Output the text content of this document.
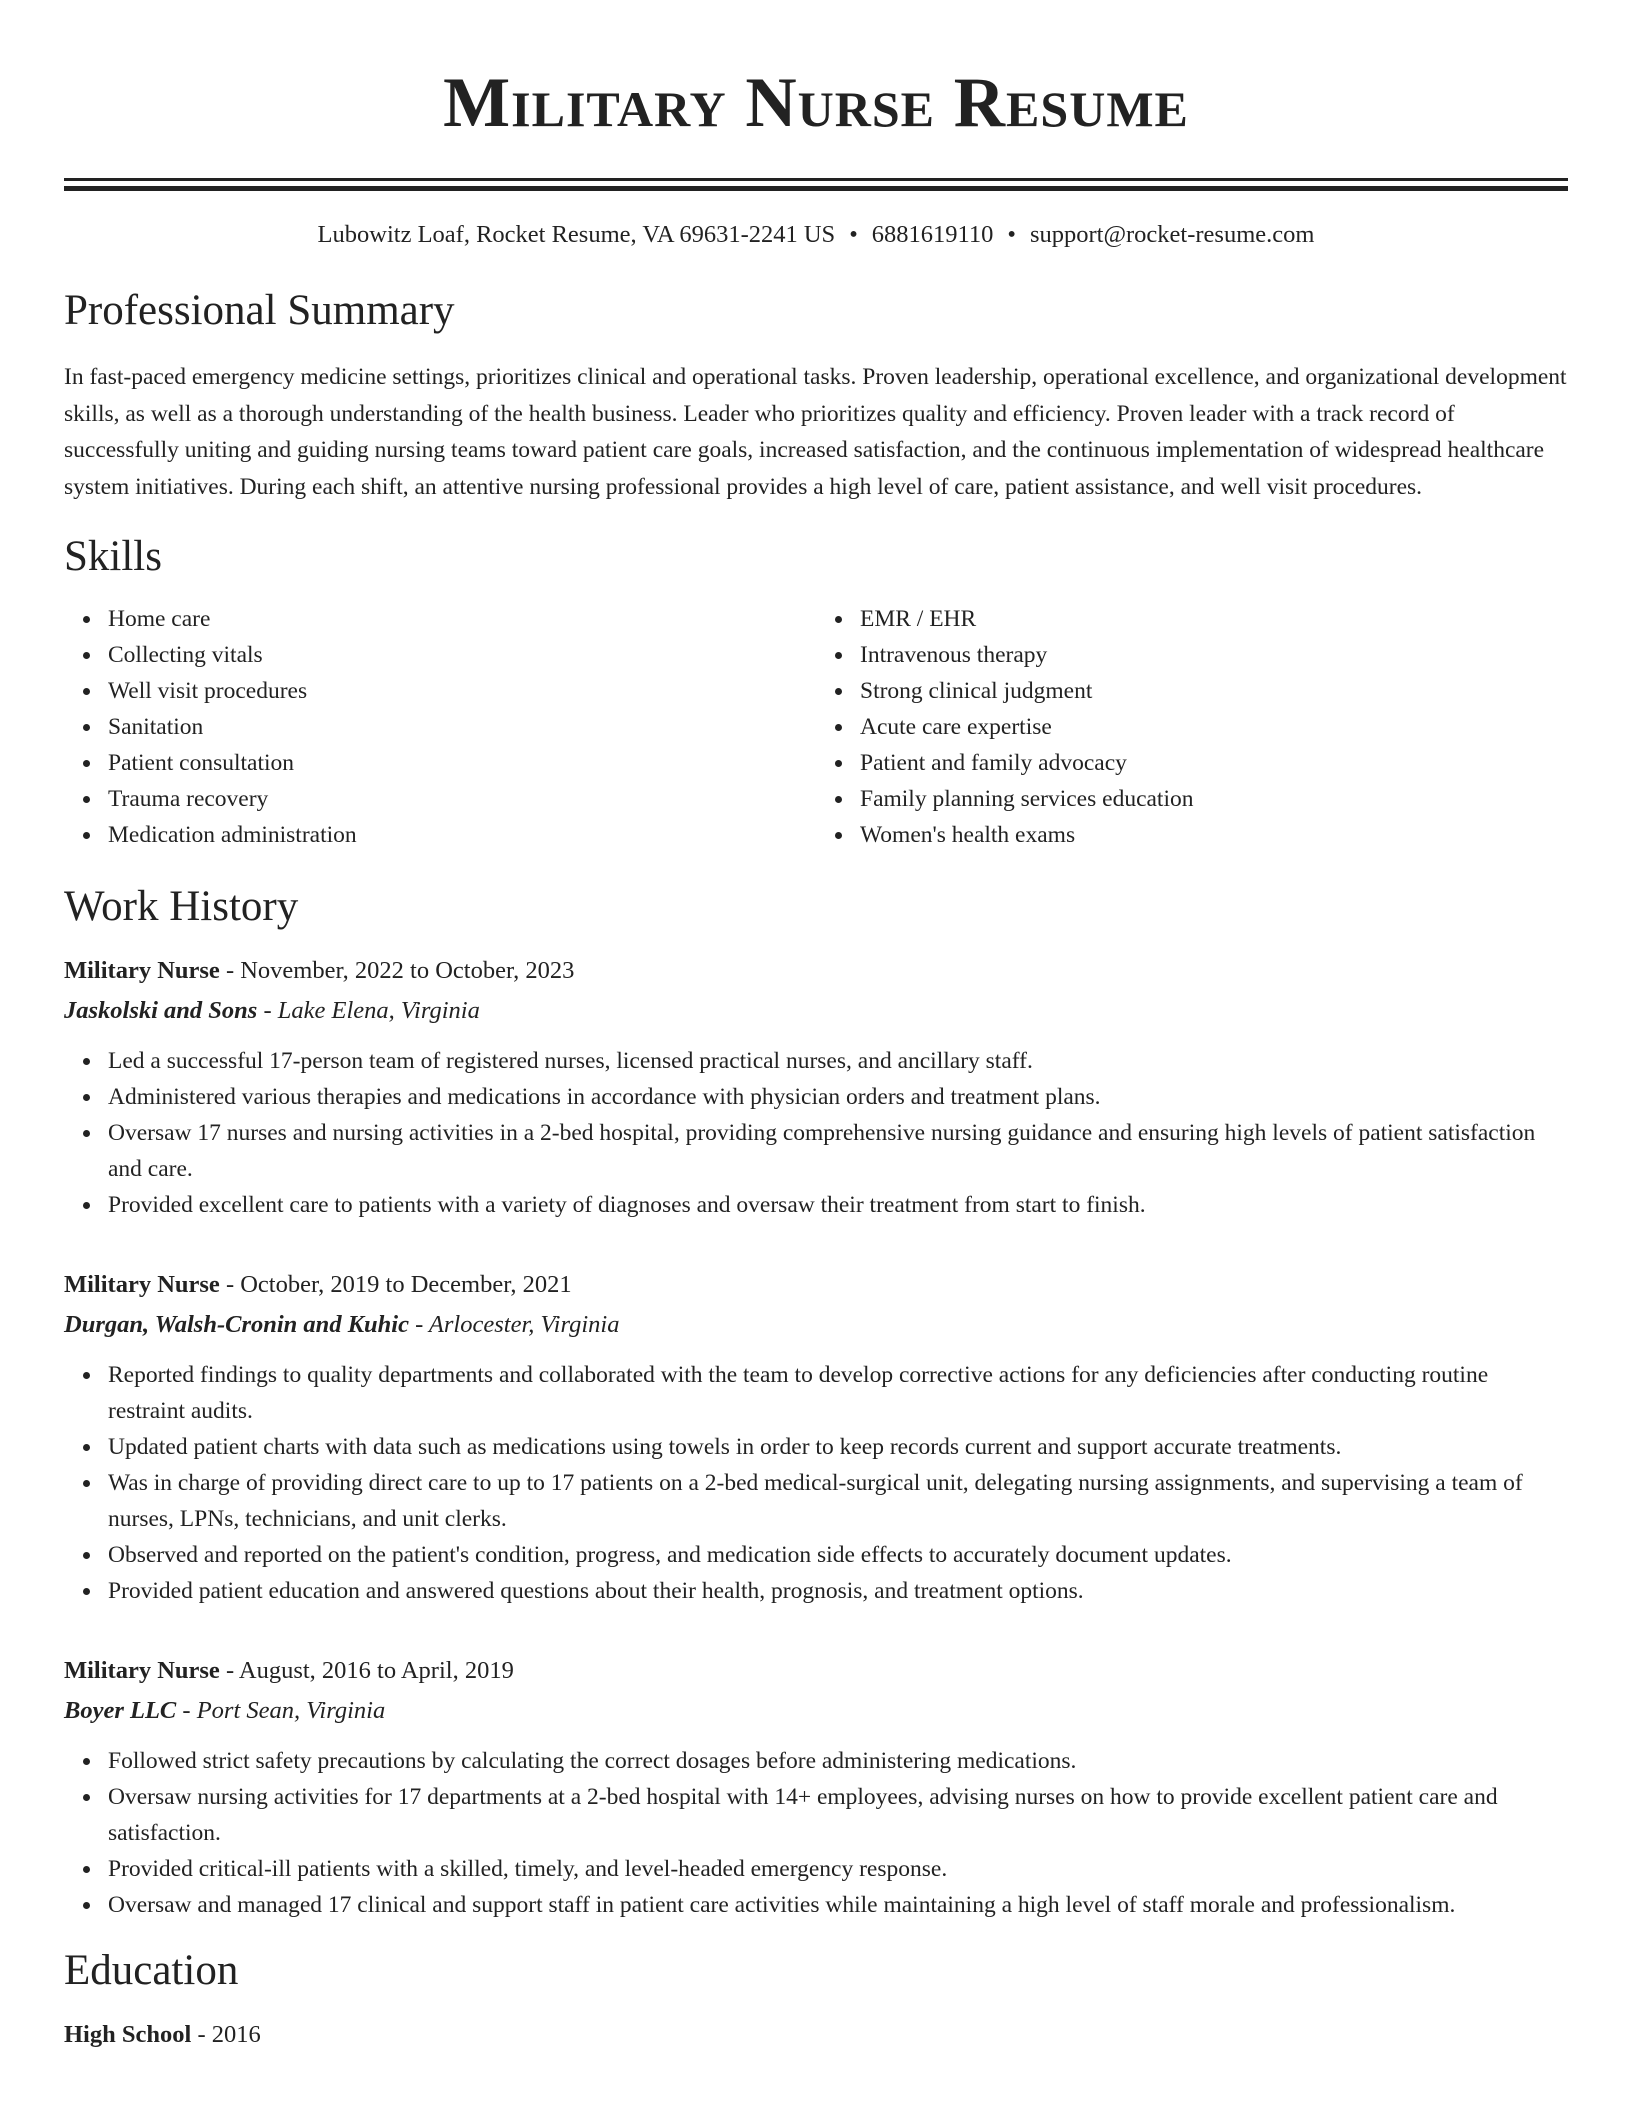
Military Nurse Resume
Lubowitz Loaf, Rocket Resume, VA 69631-2241 US • 6881619110 • support@rocket-resume.com
Professional Summary

In fast-paced emergency medicine settings, prioritizes clinical and operational tasks. Proven leadership, operational excellence, and organizational development skills, as well as a thorough understanding of the health business. Leader who prioritizes quality and efficiency. Proven leader with a track record of successfully uniting and guiding nursing teams toward patient care goals, increased satisfaction, and the continuous implementation of widespread healthcare system initiatives. During each shift, an attentive nursing professional provides a high level of care, patient assistance, and well visit procedures.

Skills
Home care
Collecting vitals
Well visit procedures
Sanitation
Patient consultation
Trauma recovery
Medication administration
EMR / EHR
Intravenous therapy
Strong clinical judgment
Acute care expertise
Patient and family advocacy
Family planning services education
Women's health exams
Work History
Military Nurse - November, 2022 to October, 2023
Jaskolski and Sons - Lake Elena, Virginia
Led a successful 17-person team of registered nurses, licensed practical nurses, and ancillary staff.
Administered various therapies and medications in accordance with physician orders and treatment plans.
Oversaw 17 nurses and nursing activities in a 2-bed hospital, providing comprehensive nursing guidance and ensuring high levels of patient satisfaction and care.
Provided excellent care to patients with a variety of diagnoses and oversaw their treatment from start to finish.
Military Nurse - October, 2019 to December, 2021
Durgan, Walsh-Cronin and Kuhic - Arlocester, Virginia
Reported findings to quality departments and collaborated with the team to develop corrective actions for any deficiencies after conducting routine restraint audits.
Updated patient charts with data such as medications using towels in order to keep records current and support accurate treatments.
Was in charge of providing direct care to up to 17 patients on a 2-bed medical-surgical unit, delegating nursing assignments, and supervising a team of nurses, LPNs, technicians, and unit clerks.
Observed and reported on the patient's condition, progress, and medication side effects to accurately document updates.
Provided patient education and answered questions about their health, prognosis, and treatment options.
Military Nurse - August, 2016 to April, 2019
Boyer LLC - Port Sean, Virginia
Followed strict safety precautions by calculating the correct dosages before administering medications.
Oversaw nursing activities for 17 departments at a 2-bed hospital with 14+ employees, advising nurses on how to provide excellent patient care and satisfaction.
Provided critical-ill patients with a skilled, timely, and level-headed emergency response.
Oversaw and managed 17 clinical and support staff in patient care activities while maintaining a high level of staff morale and professionalism.
Education
High School - 2016
